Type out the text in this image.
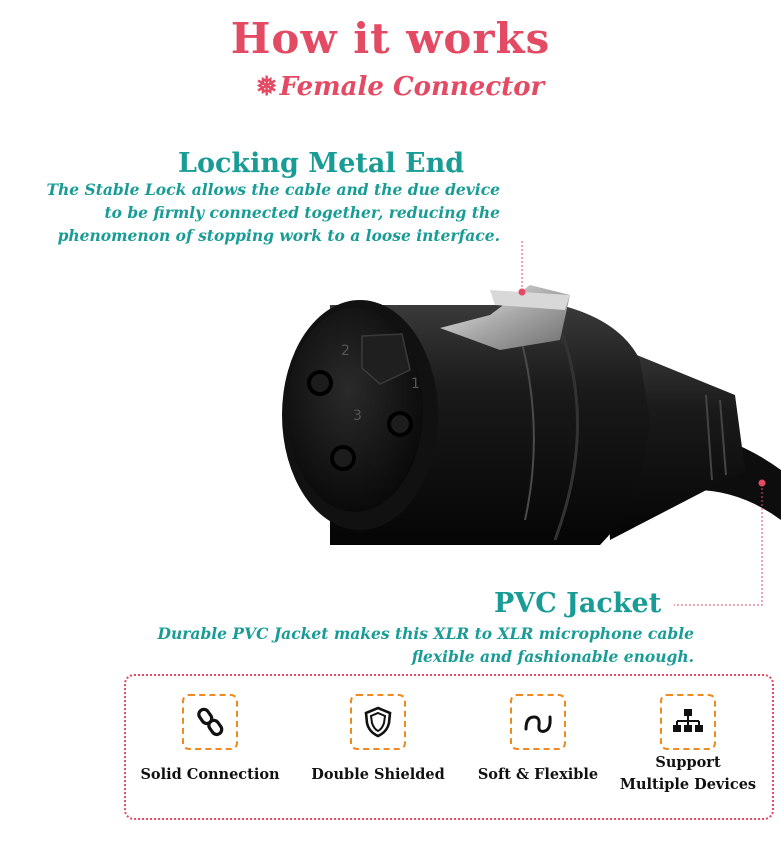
How it works
❅Female Connector
Locking Metal End
The Stable Lock allows the cable and the due device
to be firmly connected together, reducing the
phenomenon of stopping work to a loose interface.
2
1
3
PVC Jacket
Durable PVC Jacket makes this XLR to XLR microphone cable
flexible and fashionable enough.
Solid Connection	Double Shielded	Soft & Flexible
Support
Multiple Devices
